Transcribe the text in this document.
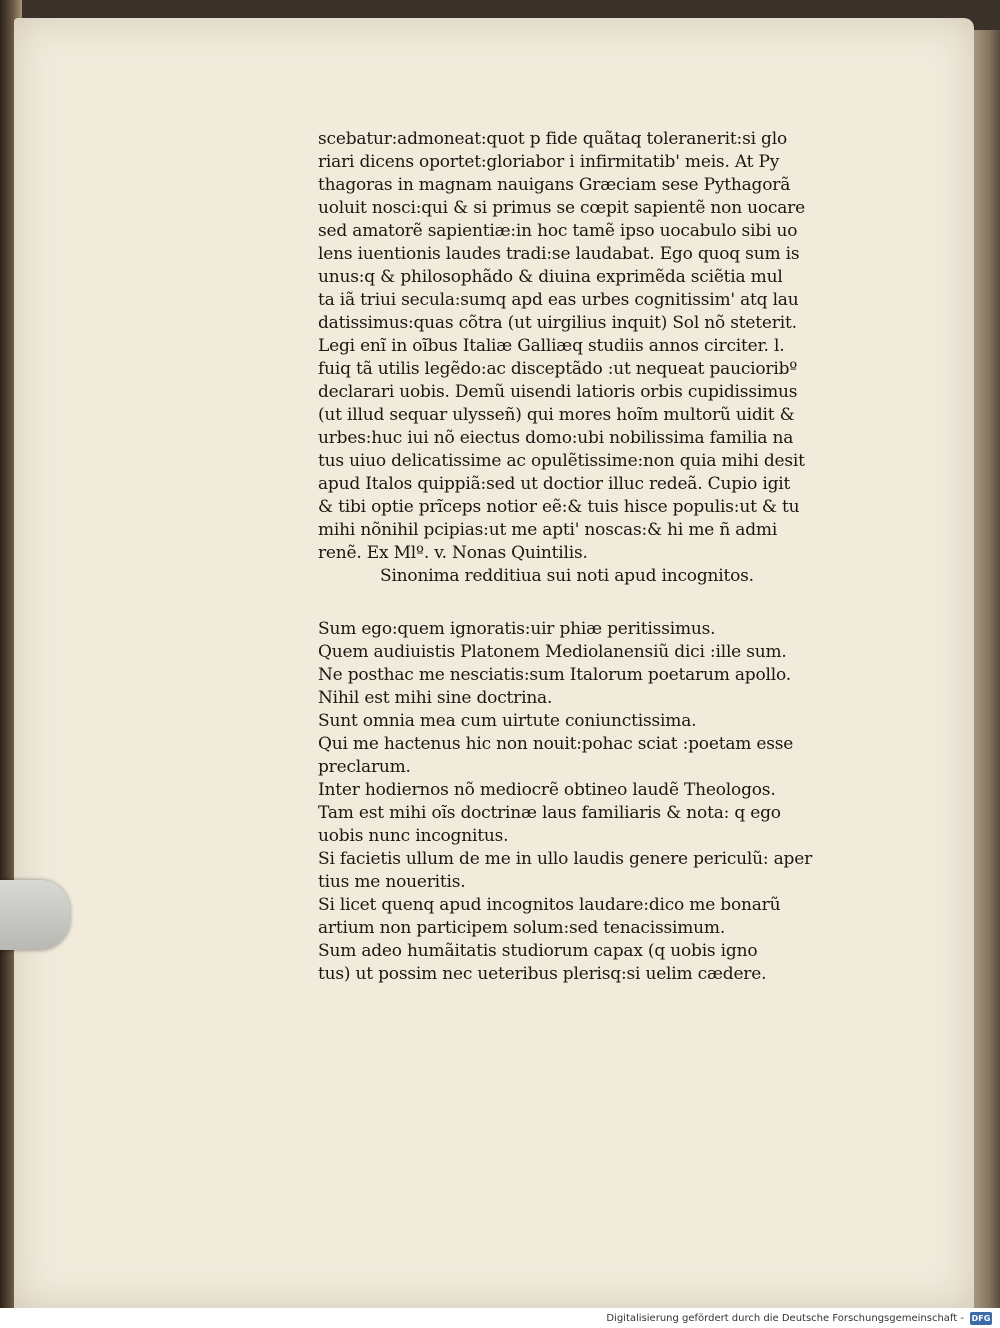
scebatur:admoneat:quot p fide quãtaq toleranerit:si glo
riari dicens oportet:gloriabor i infirmitatib' meis. At Py
thagoras in magnam nauigans Græciam sese Pythagorã
uoluit nosci:qui & si primus se cœpit sapientẽ non uocare
sed amatorẽ sapientiæ:in hoc tamẽ ipso uocabulo sibi uo
lens iuentionis laudes tradi:se laudabat. Ego quoq sum is
unus:q & philosophãdo & diuina exprimẽda sciẽtia mul
ta iã triui secula:sumq apd eas urbes cognitissim' atq lau
datissimus:quas cõtra (ut uirgilius inquit) Sol nõ steterit.
Legi enĩ in oĩbus Italiæ Galliæq studiis annos circiter. l.
fuiq tã utilis legẽdo:ac disceptãdo :ut nequeat paucioribº
declarari uobis. Demũ uisendi latioris orbis cupidissimus
(ut illud sequar ulysseñ) qui mores hoĩm multorũ uidit &
urbes:huc iui nõ eiectus domo:ubi nobilissima familia na
tus uiuo delicatissime ac opulẽtissime:non quia mihi desit
apud Italos quippiã:sed ut doctior illuc redeã. Cupio igit
& tibi optie prĩceps notior eẽ:& tuis hisce populis:ut & tu
mihi nõnihil pcipias:ut me apti' noscas:& hi me ñ admi
renẽ. Ex Mlº. v. Nonas Quintilis.
Sinonima redditiua sui noti apud incognitos.
Sum ego:quem ignoratis:uir phiæ peritissimus.
Quem audiuistis Platonem Mediolanensiũ dici :ille sum.
Ne posthac me nesciatis:sum Italorum poetarum apollo.
Nihil est mihi sine doctrina.
Sunt omnia mea cum uirtute coniunctissima.
Qui me hactenus hic non nouit:pohac sciat :poetam esse
preclarum.
Inter hodiernos nõ mediocrẽ obtineo laudẽ Theologos.
Tam est mihi oĩs doctrinæ laus familiaris & nota: q ego
uobis nunc incognitus.
Si facietis ullum de me in ullo laudis genere periculũ: aper
tius me noueritis.
Si licet quenq apud incognitos laudare:dico me bonarũ
artium non participem solum:sed tenacissimum.
Sum adeo humãitatis studiorum capax (q uobis igno
tus) ut possim nec ueteribus plerisq:si uelim cædere.
Digitalisierung gefördert durch die Deutsche Forschungsgemeinschaft - DFG
